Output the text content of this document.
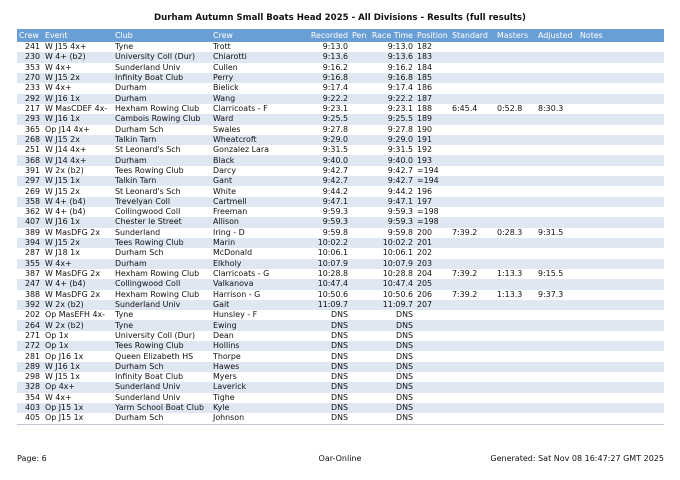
Durham Autumn Small Boats Head 2025 - All Divisions - Results (full results)
Crew	Event	Club	Crew	Recorded	Pen	Race Time	Position	Standard	Masters	Adjusted	Notes
241	W J15 4x+	Tyne	Trott	9:13.0		9:13.0	182				
230	W 4+ (b2)	University Coll (Dur)	Chiarotti	9:13.6		9:13.6	183				
353	W 4x+	Sunderland Univ	Cullen	9:16.2		9:16.2	184				
270	W J15 2x	Infinity Boat Club	Perry	9:16.8		9:16.8	185				
233	W 4x+	Durham	Bielick	9:17.4		9:17.4	186				
292	W J16 1x	Durham	Wang	9:22.2		9:22.2	187				
217	W MasCDEF 4x-	Hexham Rowing Club	Clarricoats - F	9:23.1		9:23.1	188	6:45.4	0:52.8	8:30.3	
293	W J16 1x	Cambois Rowing Club	Ward	9:25.5		9:25.5	189				
365	Op J14 4x+	Durham Sch	Swales	9:27.8		9:27.8	190				
268	W J15 2x	Talkin Tarn	Wheatcroft	9:29.0		9:29.0	191				
251	W J14 4x+	St Leonard's Sch	Gonzalez Lara	9:31.5		9:31.5	192				
368	W J14 4x+	Durham	Black	9:40.0		9:40.0	193				
391	W 2x (b2)	Tees Rowing Club	Darcy	9:42.7		9:42.7	=194				
297	W J15 1x	Talkin Tarn	Gant	9:42.7		9:42.7	=194				
269	W J15 2x	St Leonard's Sch	White	9:44.2		9:44.2	196				
358	W 4+ (b4)	Trevelyan Coll	Cartmell	9:47.1		9:47.1	197				
362	W 4+ (b4)	Collingwood Coll	Freeman	9:59.3		9:59.3	=198				
407	W J16 1x	Chester le Street	Allison	9:59.3		9:59.3	=198				
389	W MasDFG 2x	Sunderland	Iring - D	9:59.8		9:59.8	200	7:39.2	0:28.3	9:31.5	
394	W J15 2x	Tees Rowing Club	Marin	10:02.2		10:02.2	201				
287	W J18 1x	Durham Sch	McDonald	10:06.1		10:06.1	202				
355	W 4x+	Durham	Elkholy	10:07.9		10:07.9	203				
387	W MasDFG 2x	Hexham Rowing Club	Clarricoats - G	10:28.8		10:28.8	204	7:39.2	1:13.3	9:15.5	
247	W 4+ (b4)	Collingwood Coll	Valkanova	10:47.4		10:47.4	205				
388	W MasDFG 2x	Hexham Rowing Club	Harrison - G	10:50.6		10:50.6	206	7:39.2	1:13.3	9:37.3	
392	W 2x (b2)	Sunderland Univ	Gait	11:09.7		11:09.7	207				
202	Op MasEFH 4x-	Tyne	Hunsley - F	DNS		DNS					
264	W 2x (b2)	Tyne	Ewing	DNS		DNS					
271	Op 1x	University Coll (Dur)	Dean	DNS		DNS					
272	Op 1x	Tees Rowing Club	Hollins	DNS		DNS					
281	Op J16 1x	Queen Elizabeth HS	Thorpe	DNS		DNS					
289	W J16 1x	Durham Sch	Hawes	DNS		DNS					
298	W J15 1x	Infinity Boat Club	Myers	DNS		DNS					
328	Op 4x+	Sunderland Univ	Laverick	DNS		DNS					
354	W 4x+	Sunderland Univ	Tighe	DNS		DNS					
403	Op J15 1x	Yarm School Boat Club	Kyle	DNS		DNS					
405	Op J15 1x	Durham Sch	Johnson	DNS		DNS					
Page: 6	Oar-Online	Generated: Sat Nov 08 16:47:27 GMT 2025
